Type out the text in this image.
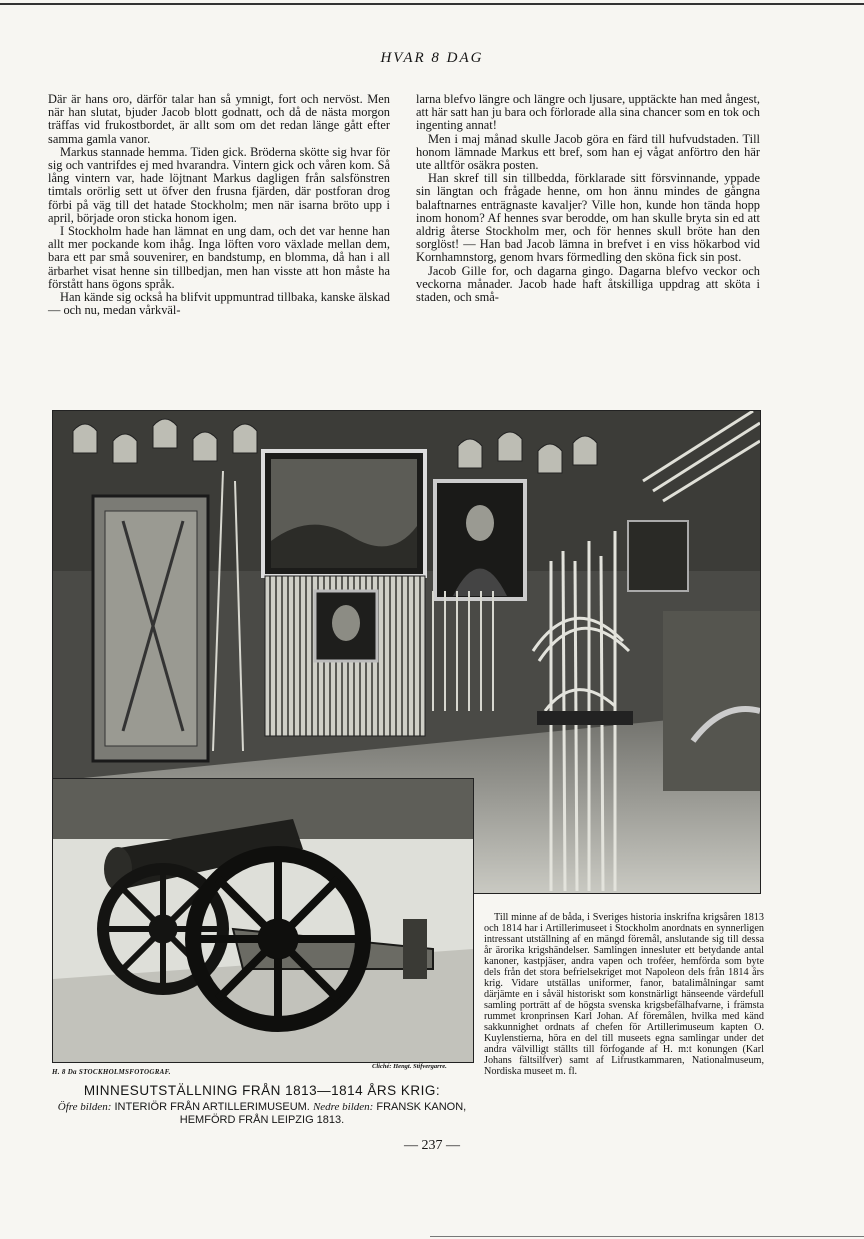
HVAR 8 DAG

Där är hans oro, därför talar han så ymnigt, fort och nervöst. Men när han slutat, bjuder Jacob blott godnatt, och då de nästa morgon träffas vid frukostbordet, är allt som om det redan länge gått efter samma gamla vanor.

Markus stannade hemma. Tiden gick. Bröderna skötte sig hvar för sig och vantrifdes ej med hvarandra. Vintern gick och våren kom. Så lång vintern var, hade löjtnant Markus dagligen från salsfönstren timtals orörlig sett ut öfver den frusna fjärden, där postforan drog förbi på väg till det hatade Stockholm; men när isarna bröto upp i april, började oron sticka honom igen.

I Stockholm hade han lämnat en ung dam, och det var henne han allt mer pockande kom ihåg. Inga löften voro växlade mellan dem, bara ett par små souvenirer, en bandstump, en blomma, då han i all ärbarhet visat henne sin tillbedjan, men han visste att hon måste ha förstått hans ögons språk.

Han kände sig också ha blifvit uppmuntrad tillbaka, kanske älskad — och nu, medan vårkväl-

larna blefvo längre och längre och ljusare, upptäckte han med ångest, att här satt han ju bara och förlorade alla sina chancer som en tok och ingenting annat!

Men i maj månad skulle Jacob göra en färd till hufvudstaden. Till honom lämnade Markus ett bref, som han ej vågat anförtro den här ute alltför osäkra posten.

Han skref till sin tillbedda, förklarade sitt försvinnande, yppade sin längtan och frågade henne, om hon ännu mindes de gångna balaftnarnes enträgnaste kavaljer? Ville hon, kunde hon tända hopp inom honom? Af hennes svar berodde, om han skulle bryta sin ed att aldrig återse Stockholm mer, och för hennes skull bröte han den sorglöst! — Han bad Jacob lämna in brefvet i en viss hökarbod vid Kornhamnstorg, genom hvars förmedling den sköna fick sin post.

Jacob Gille for, och dagarna gingo. Dagarna blefvo veckor och veckorna månader. Jacob hade haft åtskilliga uppdrag att sköta i staden, och små-

Till minne af de båda, i Sveriges historia inskrifna krigsåren 1813 och 1814 har i Artillerimuseet i Stockholm anordnats en synnerligen intressant utställning af en mängd föremål, anslutande sig till dessa år ärorika krigshändelser. Samlingen innesluter ett betydande antal kanoner, kastpjäser, andra vapen och troféer, hemförda som byte dels från det stora befrielsekriget mot Napoleon dels från 1814 års krig. Vidare utställas uniformer, fanor, batalimålningar samt därjämte en i såväl historiskt som konstnärligt hänseende värdefull samling porträtt af de högsta svenska krigsbefälhafvarne, i främsta rummet kronprinsen Karl Johan. Af föremålen, hvilka med känd sakkunnighet ordnats af chefen för Artillerimuseum kapten O. Kuylenstierna, höra en del till museets egna samlingar under det andra välvilligt ställts till förfogande af H. m:t konungen (Karl Johans fältsilfver) samt af Lifrustkammaren, Nationalmuseum, Nordiska museet m. fl.

H. 8 Da STOCKHOLMSFOTOGRAF.
Cliché: Hengt. Stifvergarre.
MINNESUTSTÄLLNING FRÅN 1813—1814 ÅRS KRIG:
Öfre bilden: INTERIÖR FRÅN ARTILLERIMUSEUM. Nedre bilden: FRANSK KANON, HEMFÖRD FRÅN LEIPZIG 1813.
— 237 —
